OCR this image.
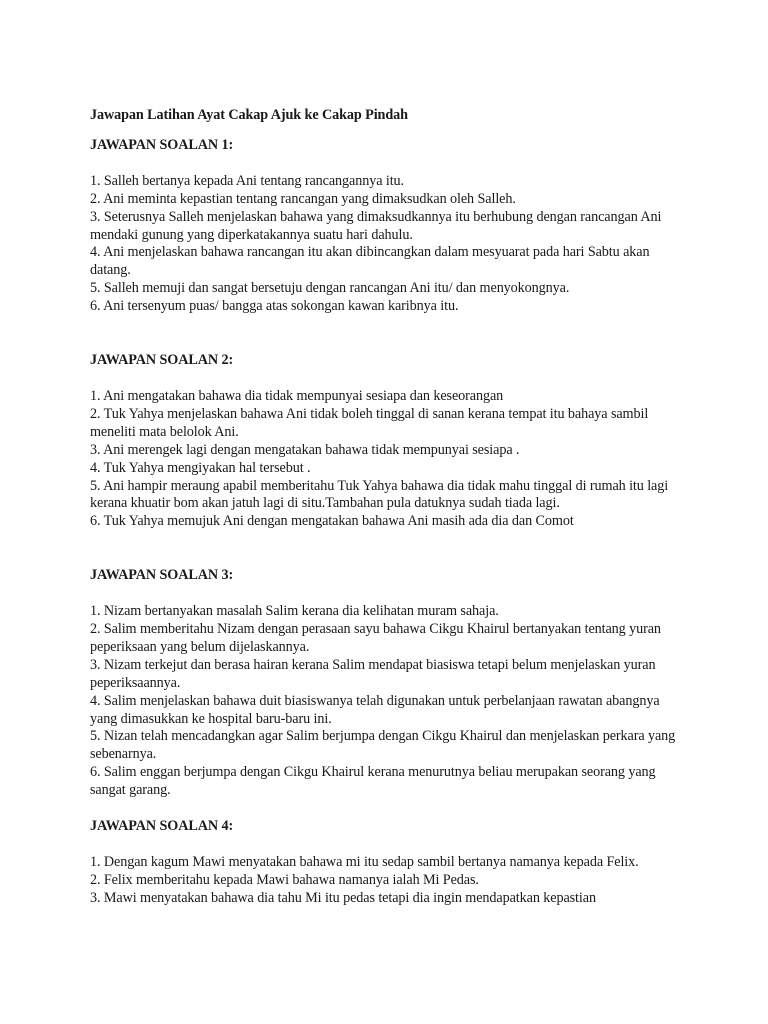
Jawapan Latihan Ayat Cakap Ajuk ke Cakap Pindah
JAWAPAN SOALAN 1:
1. Salleh bertanya kepada Ani tentang rancangannya itu.
2. Ani meminta kepastian tentang rancangan yang dimaksudkan oleh Salleh.
3. Seterusnya Salleh menjelaskan bahawa yang dimaksudkannya itu berhubung dengan rancangan Ani mendaki gunung yang diperkatakannya suatu hari dahulu.
4. Ani menjelaskan bahawa rancangan itu akan dibincangkan dalam mesyuarat pada hari Sabtu akan datang.
5. Salleh memuji dan sangat bersetuju dengan rancangan Ani itu/ dan menyokongnya.
6. Ani tersenyum puas/ bangga atas sokongan kawan karibnya itu.
JAWAPAN SOALAN 2:
1. Ani mengatakan bahawa dia tidak mempunyai sesiapa dan keseorangan
2. Tuk Yahya menjelaskan bahawa Ani tidak boleh tinggal di sanan kerana tempat itu bahaya sambil meneliti mata belolok Ani.
3. Ani merengek lagi dengan mengatakan bahawa tidak mempunyai sesiapa .
4. Tuk Yahya mengiyakan hal tersebut .
5. Ani hampir meraung apabil memberitahu Tuk Yahya bahawa dia tidak mahu tinggal di rumah itu lagi kerana khuatir bom akan jatuh lagi di situ.Tambahan pula datuknya sudah tiada lagi.
6. Tuk Yahya memujuk Ani dengan mengatakan bahawa Ani masih ada dia dan Comot
JAWAPAN SOALAN 3:
1. Nizam bertanyakan masalah Salim kerana dia kelihatan muram sahaja.
2. Salim memberitahu Nizam dengan perasaan sayu bahawa Cikgu Khairul bertanyakan tentang yuran peperiksaan yang belum dijelaskannya.
3. Nizam terkejut dan berasa hairan kerana Salim mendapat biasiswa tetapi belum menjelaskan yuran peperiksaannya.
4. Salim menjelaskan bahawa duit biasiswanya telah digunakan untuk perbelanjaan rawatan abangnya yang dimasukkan ke hospital baru-baru ini.
5. Nizan telah mencadangkan agar Salim berjumpa dengan Cikgu Khairul dan menjelaskan perkara yang sebenarnya.
6. Salim enggan berjumpa dengan Cikgu Khairul kerana menurutnya beliau merupakan seorang yang sangat garang.
JAWAPAN SOALAN 4:
1. Dengan kagum Mawi menyatakan bahawa mi itu sedap sambil bertanya namanya kepada Felix.
2. Felix memberitahu kepada Mawi bahawa namanya ialah Mi Pedas.
3. Mawi menyatakan bahawa dia tahu Mi itu pedas tetapi dia ingin mendapatkan kepastian
